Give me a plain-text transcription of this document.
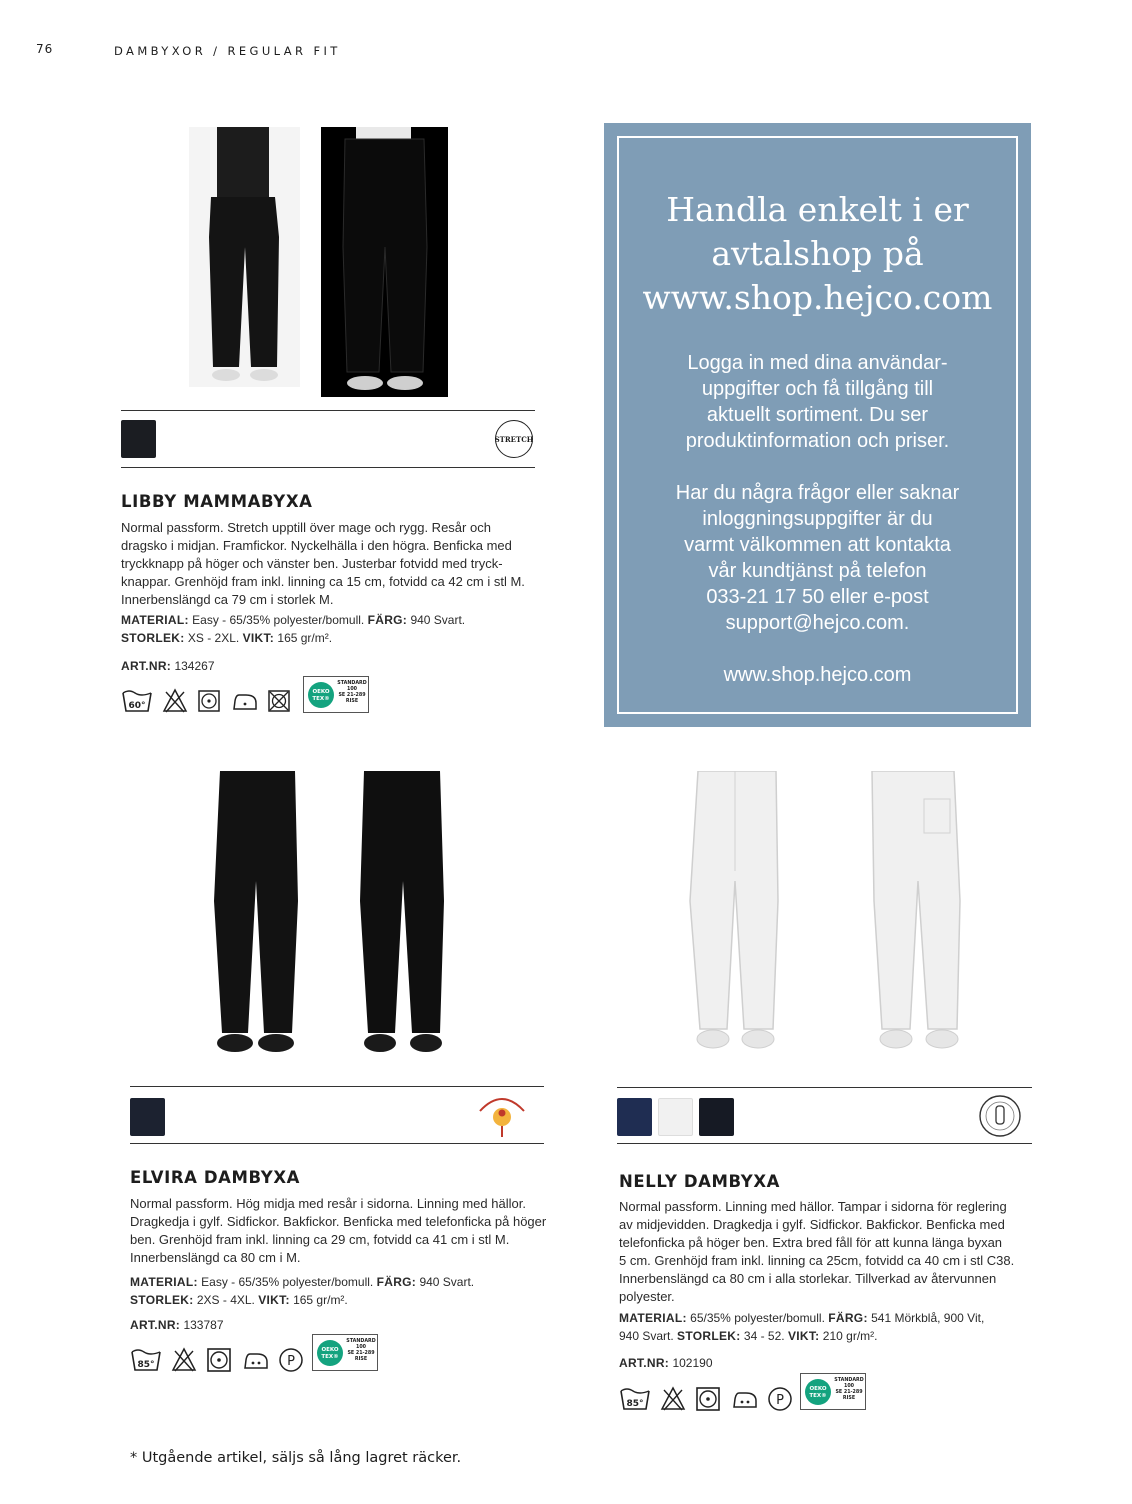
76	DAMBYXOR / REGULAR FIT
STRETCH
LIBBY MAMMABYXA
Normal passform. Stretch upptill över mage och rygg. Resår och
dragsko i midjan. Framfickor. Nyckelhälla i den högra. Benficka med
tryckknapp på höger och vänster ben. Justerbar fotvidd med tryck-
knappar. Grenhöjd fram inkl. linning ca 15 cm, fotvidd ca 42 cm i stl M.
Innerbenslängd ca 79 cm i storlek M.
MATERIAL: Easy - 65/35% polyester/bomull. FÄRG: 940 Svart.
STORLEK: XS - 2XL. VIKT: 165 gr/m².
ART.NR: 134267
60°
OEKO TEX®
STANDARD 100
SE 21-289 RISE
Handla enkelt i er
avtalshop på
www.shop.hejco.com
Logga in med dina användar-
uppgifter och få tillgång till
aktuellt sortiment. Du ser
produktinformation och priser.
Har du några frågor eller saknar
inloggningsuppgifter är du
varmt välkommen att kontakta
vår kundtjänst på telefon
033-21 17 50 eller e-post
support@hejco.com.
www.shop.hejco.com
ELVIRA DAMBYXA
Normal passform. Hög midja med resår i sidorna. Linning med hällor.
Dragkedja i gylf. Sidfickor. Bakfickor. Benficka med telefonficka på höger
ben. Grenhöjd fram inkl. linning ca 29 cm, fotvidd ca 41 cm i stl M.
Innerbenslängd ca 80 cm i M.
MATERIAL: Easy - 65/35% polyester/bomull. FÄRG: 940 Svart.
STORLEK: 2XS - 4XL. VIKT: 165 gr/m².
ART.NR: 133787
85°	P
OEKO TEX®
STANDARD 100
SE 21-289 RISE
NELLY DAMBYXA
Normal passform. Linning med hällor. Tampar i sidorna för reglering
av midjevidden. Dragkedja i gylf. Sidfickor. Bakfickor. Benficka med
telefonficka på höger ben. Extra bred fåll för att kunna länga byxan
5 cm. Grenhöjd fram inkl. linning ca 25cm, fotvidd ca 40 cm i stl C38.
Innerbenslängd ca 80 cm i alla storlekar. Tillverkad av återvunnen
polyester.
MATERIAL: 65/35% polyester/bomull. FÄRG: 541 Mörkblå, 900 Vit,
940 Svart. STORLEK: 34 - 52. VIKT: 210 gr/m².
ART.NR: 102190
85°	P
OEKO TEX®
STANDARD 100
SE 21-289 RISE
* Utgående artikel, säljs så lång lagret räcker.
